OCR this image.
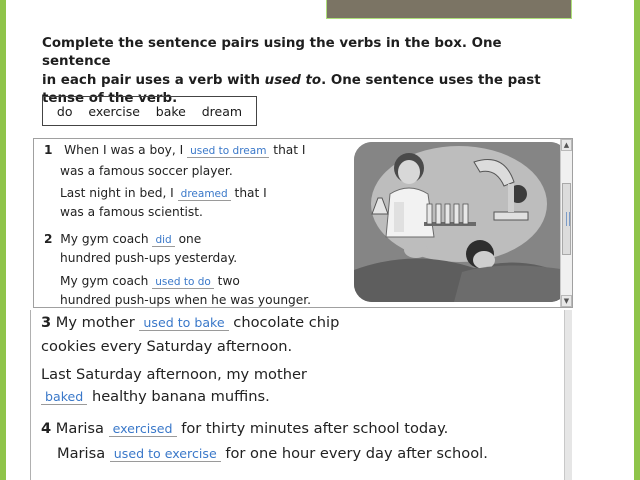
Complete the sentence pairs using the verbs in the box. One sentence
in each pair uses a verb with used to. One sentence uses the past
tense of the verb.
do exercise bake dream
1 When I was a boy, I used to dream that I
was a famous soccer player.
Last night in bed, I dreamed that I
was a famous scientist.
2 My gym coach did one
hundred push-ups yesterday.
My gym coach used to do two
hundred push-ups when he was younger.
▲
▼
3 My mother used to bake chocolate chip
cookies every Saturday afternoon.
Last Saturday afternoon, my mother
baked healthy banana muffins.
4 Marisa exercised for thirty minutes after school today.
Marisa used to exercise for one hour every day after school.
